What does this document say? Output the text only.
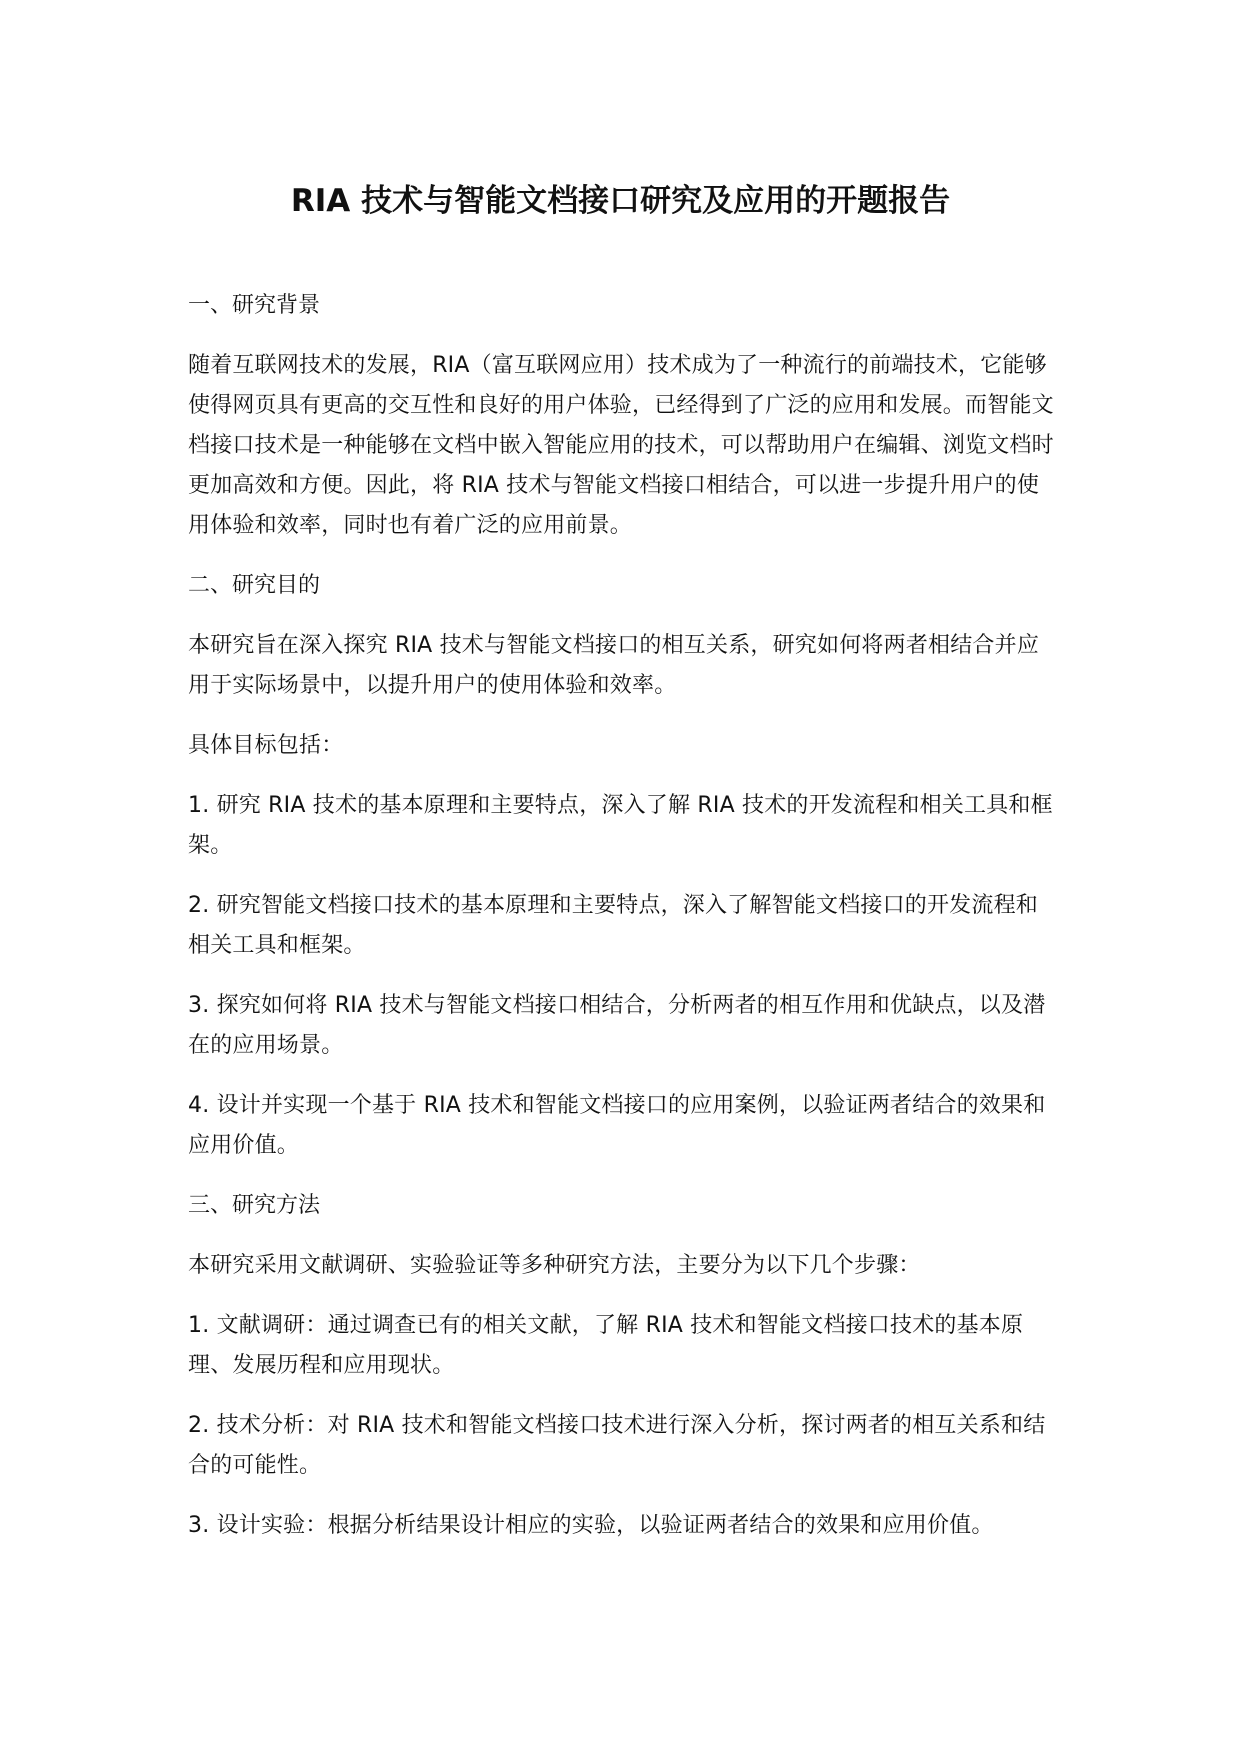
RIA 技术与智能文档接口研究及应用的开题报告

一、研究背景

随着互联网技术的发展，RIA（富互联网应用）技术成为了一种流行的前端技术，它能够使得网页具有更高的交互性和良好的用户体验，已经得到了广泛的应用和发展。而智能文档接口技术是一种能够在文档中嵌入智能应用的技术，可以帮助用户在编辑、浏览文档时更加高效和方便。因此，将 RIA 技术与智能文档接口相结合，可以进一步提升用户的使用体验和效率，同时也有着广泛的应用前景。

二、研究目的

本研究旨在深入探究 RIA 技术与智能文档接口的相互关系，研究如何将两者相结合并应用于实际场景中，以提升用户的使用体验和效率。

具体目标包括：

1. 研究 RIA 技术的基本原理和主要特点，深入了解 RIA 技术的开发流程和相关工具和框架。

2. 研究智能文档接口技术的基本原理和主要特点，深入了解智能文档接口的开发流程和相关工具和框架。

3. 探究如何将 RIA 技术与智能文档接口相结合，分析两者的相互作用和优缺点，以及潜在的应用场景。

4. 设计并实现一个基于 RIA 技术和智能文档接口的应用案例，以验证两者结合的效果和应用价值。

三、研究方法

本研究采用文献调研、实验验证等多种研究方法，主要分为以下几个步骤：

1. 文献调研：通过调查已有的相关文献，了解 RIA 技术和智能文档接口技术的基本原理、发展历程和应用现状。

2. 技术分析：对 RIA 技术和智能文档接口技术进行深入分析，探讨两者的相互关系和结合的可能性。

3. 设计实验：根据分析结果设计相应的实验，以验证两者结合的效果和应用价值。
